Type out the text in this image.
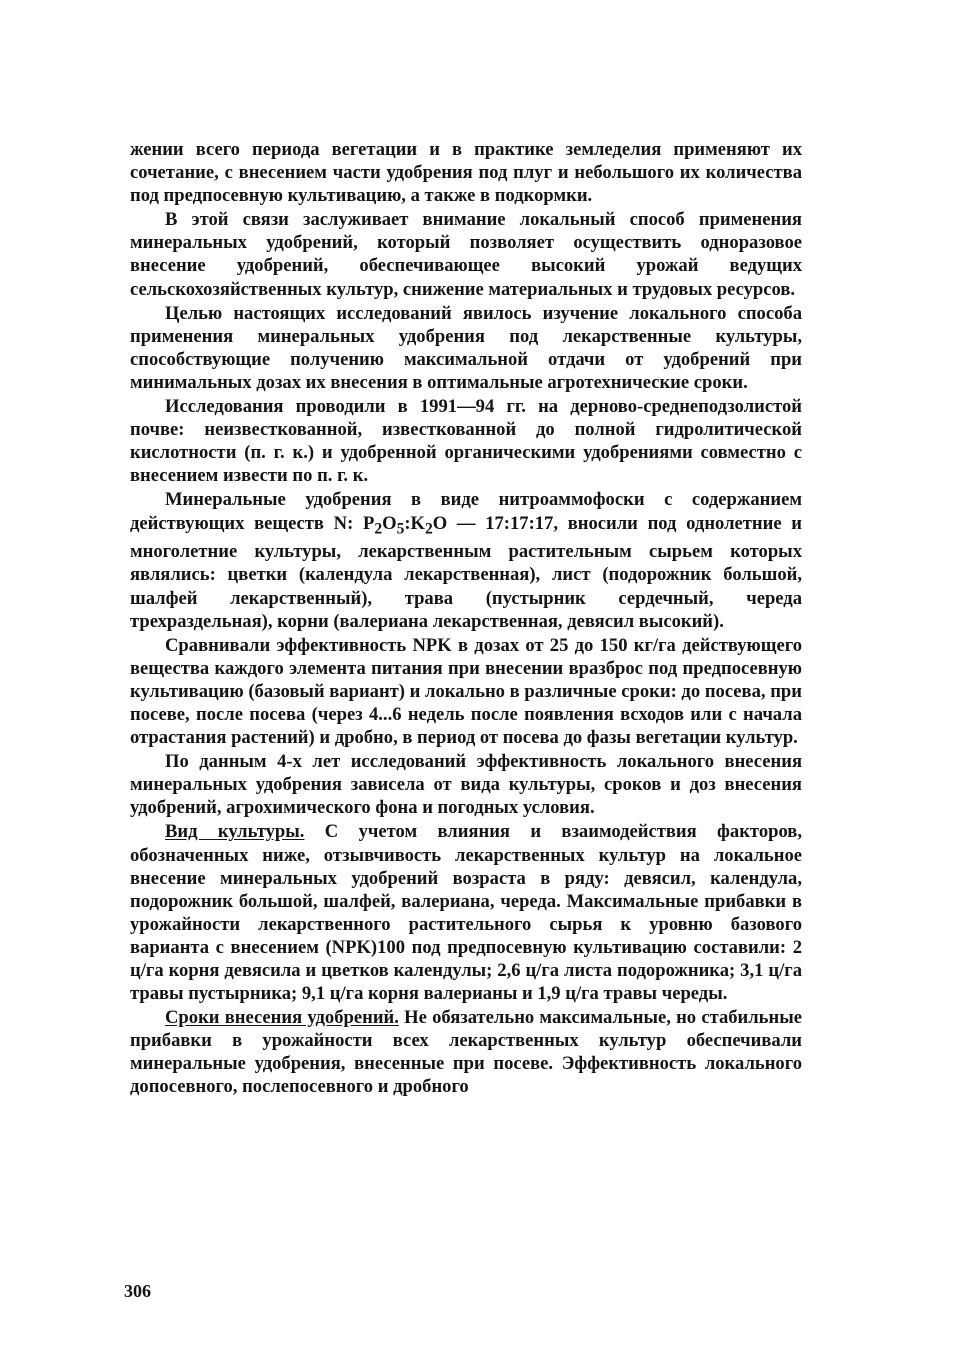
жении всего периода вегетации и в практике земледелия применяют их сочетание, с внесением части удобрения под плуг и небольшого их количества под предпосевную культивацию, а также в подкормки.

В этой связи заслуживает внимание локальный способ применения минеральных удобрений, который позволяет осуществить одноразовое внесение удобрений, обеспечивающее высокий урожай ведущих сельскохозяйственных культур, снижение материальных и трудовых ресурсов.

Целью настоящих исследований явилось изучение локального способа применения минеральных удобрения под лекарственные культуры, способствующие получению максимальной отдачи от удобрений при минимальных дозах их внесения в оптимальные агротехнические сроки.

Исследования проводили в 1991—94 гг. на дерново-среднеподзолистой почве: неизвесткованной, известкованной до полной гидролитической кислотности (п. г. к.) и удобренной органическими удобрениями совместно с внесением извести по п. г. к.

Минеральные удобрения в виде нитроаммофоски с содержанием действующих веществ N: $P_2O_5:K_2O$ — 17:17:17, вносили под однолетние и многолетние культуры, лекарственным растительным сырьем которых являлись: цветки (календула лекарственная), лист (подорожник большой, шалфей лекарственный), трава (пустырник сердечный, череда трехраздельная), корни (валериана лекарственная, девясил высокий).

Сравнивали эффективность NPK в дозах от 25 до 150 кг/га действующего вещества каждого элемента питания при внесении вразброс под предпосевную культивацию (базовый вариант) и локально в различные сроки: до посева, при посеве, после посева (через 4...6 недель после появления всходов или с начала отрастания растений) и дробно, в период от посева до фазы вегетации культур.

По данным 4-х лет исследований эффективность локального внесения минеральных удобрения зависела от вида культуры, сроков и доз внесения удобрений, агрохимического фона и погодных условия.

Вид культуры. С учетом влияния и взаимодействия факторов, обозначенных ниже, отзывчивость лекарственных культур на локальное внесение минеральных удобрений возраста в ряду: девясил, календула, подорожник большой, шалфей, валериана, череда. Максимальные прибавки в урожайности лекарственного растительного сырья к уровню базового варианта с внесением (NPK)100 под предпосевную культивацию составили: 2 ц/га корня девясила и цветков календулы; 2,6 ц/га листа подорожника; 3,1 ц/га травы пустырника; 9,1 ц/га корня валерианы и 1,9 ц/га травы череды.

Сроки внесения удобрений. Не обязательно максимальные, но стабильные прибавки в урожайности всех лекарственных культур обеспечивали минеральные удобрения, внесенные при посеве. Эффективность локального допосевного, послепосевного и дробного

306
